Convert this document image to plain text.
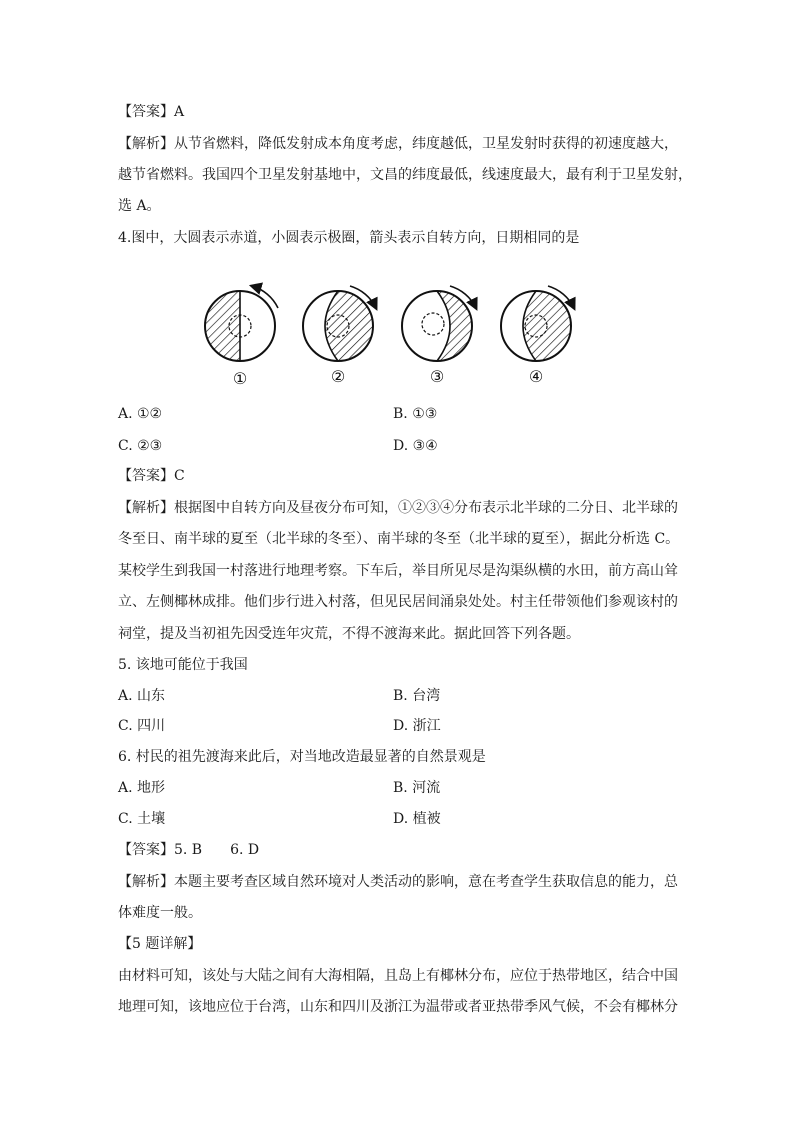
【答案】A
【解析】从节省燃料，降低发射成本角度考虑，纬度越低，卫星发射时获得的初速度越大，
越节省燃料。我国四个卫星发射基地中，文昌的纬度最低，线速度最大，最有利于卫星发射，
选 A。
4.图中，大圆表示赤道，小圆表示极圈，箭头表示自转方向，日期相同的是
①	②	③	④
A. ①②	B. ①③
C. ②③	D. ③④
【答案】C
【解析】根据图中自转方向及昼夜分布可知，①②③④分布表示北半球的二分日、北半球的
冬至日、南半球的夏至（北半球的冬至）、南半球的冬至（北半球的夏至），据此分析选 C。
某校学生到我国一村落进行地理考察。下车后，举目所见尽是沟渠纵横的水田，前方高山耸
立、左侧椰林成排。他们步行进入村落，但见民居间涌泉处处。村主任带领他们参观该村的
祠堂，提及当初祖先因受连年灾荒，不得不渡海来此。据此回答下列各题。
5. 该地可能位于我国
A. 山东	B. 台湾
C. 四川	D. 浙江
6. 村民的祖先渡海来此后，对当地改造最显著的自然景观是
A. 地形	B. 河流
C. 土壤	D. 植被
【答案】5. B　　6. D
【解析】本题主要考查区域自然环境对人类活动的影响，意在考查学生获取信息的能力，总
体难度一般。
【5 题详解】
由材料可知，该处与大陆之间有大海相隔，且岛上有椰林分布，应位于热带地区，结合中国
地理可知，该地应位于台湾，山东和四川及浙江为温带或者亚热带季风气候，不会有椰林分
